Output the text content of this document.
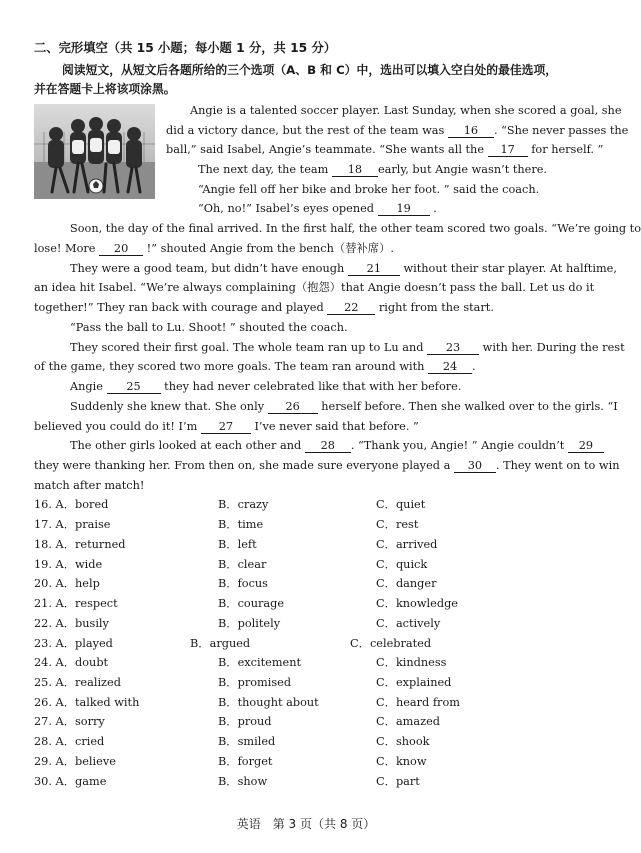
二、完形填空（共 15 小题；每小题 1 分，共 15 分）
阅读短文，从短文后各题所给的三个选项（A、B 和 C）中，选出可以填入空白处的最佳选项，
并在答题卡上将该项涂黑。
Angie is a talented soccer player. Last Sunday, when she scored a goal, she
did a victory dance, but the rest of the team was 16 . “She never passes the
ball,” said Isabel, Angie’s teammate. “She wants all the 17 for herself. ”
The next day, the team 18 early, but Angie wasn’t there.
“Angie fell off her bike and broke her foot. ” said the coach.
“Oh, no!” Isabel’s eyes opened 19 .
Soon, the day of the final arrived. In the first half, the other team scored two goals. “We’re going to
lose! More 20 !” shouted Angie from the bench（替补席）.
They were a good team, but didn’t have enough 21 without their star player. At halftime,
an idea hit Isabel. “We’re always complaining（抱怨）that Angie doesn’t pass the ball. Let us do it
together!” They ran back with courage and played 22 right from the start.
“Pass the ball to Lu. Shoot! ” shouted the coach.
They scored their first goal. The whole team ran up to Lu and 23 with her. During the rest
of the game, they scored two more goals. The team ran around with 24 .
Angie 25 they had never celebrated like that with her before.
Suddenly she knew that. She only 26 herself before. Then she walked over to the girls. “I
believed you could do it! I’m 27 I’ve never said that before. ”
The other girls looked at each other and 28 . “Thank you, Angie! ” Angie couldn’t 29
they were thanking her. From then on, she made sure everyone played a 30 . They went on to win
match after match!
16. A．bored	B．crazy	C．quiet
17. A．praise	B．time	C．rest
18. A．returned	B．left	C．arrived
19. A．wide	B．clear	C．quick
20. A．help	B．focus	C．danger
21. A．respect	B．courage	C．knowledge
22. A．busily	B．politely	C．actively
23. A．played	B．argued	C．celebrated
24. A．doubt	B．excitement	C．kindness
25. A．realized	B．promised	C．explained
26. A．talked with	B．thought about	C．heard from
27. A．sorry	B．proud	C．amazed
28. A．cried	B．smiled	C．shook
29. A．believe	B．forget	C．know
30. A．game	B．show	C．part
英语　第 3 页（共 8 页）
